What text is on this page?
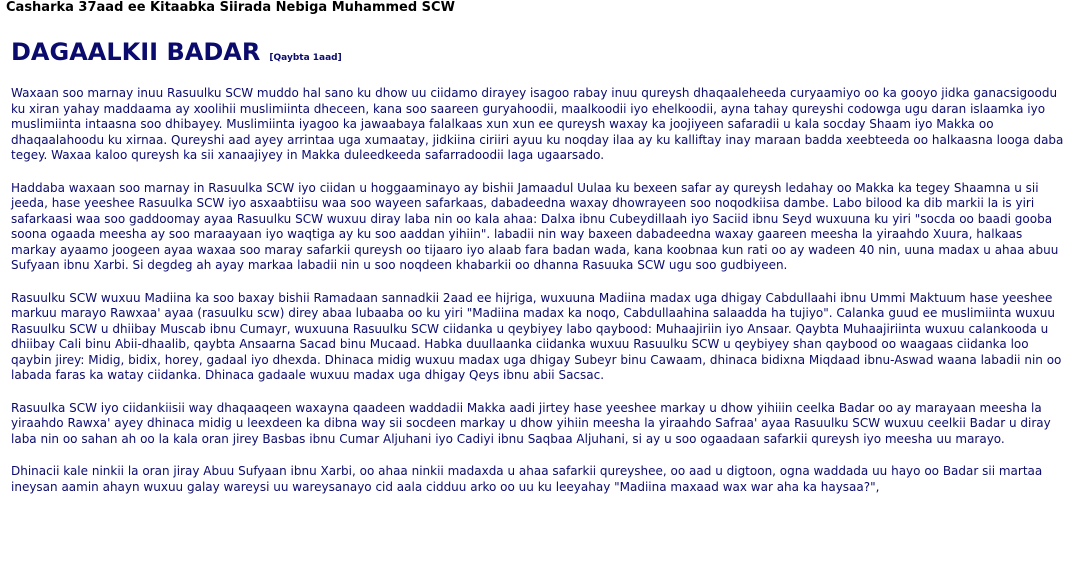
Casharka 37aad ee Kitaabka Siirada Nebiga Muhammed SCW
DAGAALKII BADAR [Qaybta 1aad]

Waxaan soo marnay inuu Rasuulku SCW muddo hal sano ku dhow uu ciidamo dirayey isagoo rabay inuu qureysh dhaqaaleheeda curyaamiyo oo ka gooyo jidka ganacsigoodu ku xiran yahay maddaama ay xoolihii muslimiinta dheceen, kana soo saareen guryahoodii, maalkoodii iyo ehelkoodii, ayna tahay qureyshi codowga ugu daran islaamka iyo muslimiinta intaasna soo dhibayey. Muslimiinta iyagoo ka jawaabaya falalkaas xun xun ee qureysh waxay ka joojiyeen safaradii u kala socday Shaam iyo Makka oo dhaqaalahoodu ku xirnaa. Qureyshi aad ayey arrintaa uga xumaatay, jidkiina ciriiri ayuu ku noqday ilaa ay ku kalliftay inay maraan badda xeebteeda oo halkaasna looga daba tegey. Waxaa kaloo qureysh ka sii xanaajiyey in Makka duleedkeeda safarradoodii laga ugaarsado.

Haddaba waxaan soo marnay in Rasuulka SCW iyo ciidan u hoggaaminayo ay bishii Jamaadul Uulaa ku bexeen safar ay qureysh ledahay oo Makka ka tegey Shaamna u sii jeeda, hase yeeshee Rasuulka SCW iyo asxaabtiisu waa soo wayeen safarkaas, dabadeedna waxay dhowrayeen soo noqodkiisa dambe. Labo bilood ka dib markii la is yiri safarkaasi waa soo gaddoomay ayaa Rasuulku SCW wuxuu diray laba nin oo kala ahaa: Dalxa ibnu Cubeydillaah iyo Saciid ibnu Seyd wuxuuna ku yiri "socda oo baadi gooba soona ogaada meesha ay soo maraayaan iyo waqtiga ay ku soo aaddan yihiin". labadii nin way baxeen dabadeedna waxay gaareen meesha la yiraahdo Xuura, halkaas markay ayaamo joogeen ayaa waxaa soo maray safarkii qureysh oo tijaaro iyo alaab fara badan wada, kana koobnaa kun rati oo ay wadeen 40 nin, uuna madax u ahaa abuu Sufyaan ibnu Xarbi. Si degdeg ah ayay markaa labadii nin u soo noqdeen khabarkii oo dhanna Rasuuka SCW ugu soo gudbiyeen.

Rasuulku SCW wuxuu Madiina ka soo baxay bishii Ramadaan sannadkii 2aad ee hijriga, wuxuuna Madiina madax uga dhigay Cabdullaahi ibnu Ummi Maktuum hase yeeshee markuu marayo Rawxaa' ayaa (rasuulku scw) direy abaa lubaaba oo ku yiri "Madiina madax ka noqo, Cabdullaahina salaadda ha tujiyo". Calanka guud ee muslimiinta wuxuu Rasuulku SCW u dhiibay Muscab ibnu Cumayr, wuxuuna Rasuulku SCW ciidanka u qeybiyey labo qaybood: Muhaajiriin iyo Ansaar. Qaybta Muhaajiriinta wuxuu calankooda u dhiibay Cali binu Abii-dhaalib, qaybta Ansaarna Sacad binu Mucaad. Habka duullaanka ciidanka wuxuu Rasuulku SCW u qeybiyey shan qaybood oo waagaas ciidanka loo qaybin jirey: Midig, bidix, horey, gadaal iyo dhexda. Dhinaca midig wuxuu madax uga dhigay Subeyr binu Cawaam, dhinaca bidixna Miqdaad ibnu-Aswad waana labadii nin oo labada faras ka watay ciidanka. Dhinaca gadaale wuxuu madax uga dhigay Qeys ibnu abii Sacsac.

Rasuulka SCW iyo ciidankiisii way dhaqaaqeen waxayna qaadeen waddadii Makka aadi jirtey hase yeeshee markay u dhow yihiiin ceelka Badar oo ay marayaan meesha la yiraahdo Rawxa' ayey dhinaca midig u leexdeen ka dibna way sii socdeen markay u dhow yihiin meesha la yiraahdo Safraa' ayaa Rasuulku SCW wuxuu ceelkii Badar u diray laba nin oo sahan ah oo la kala oran jirey Basbas ibnu Cumar Aljuhani iyo Cadiyi ibnu Saqbaa Aljuhani, si ay u soo ogaadaan safarkii qureysh iyo meesha uu marayo.

Dhinacii kale ninkii la oran jiray Abuu Sufyaan ibnu Xarbi, oo ahaa ninkii madaxda u ahaa safarkii qureyshee, oo aad u digtoon, ogna waddada uu hayo oo Badar sii martaa ineysan aamin ahayn wuxuu galay wareysi uu wareysanayo cid aala cidduu arko oo uu ku leeyahay "Madiina maxaad wax war aha ka haysaa?",
